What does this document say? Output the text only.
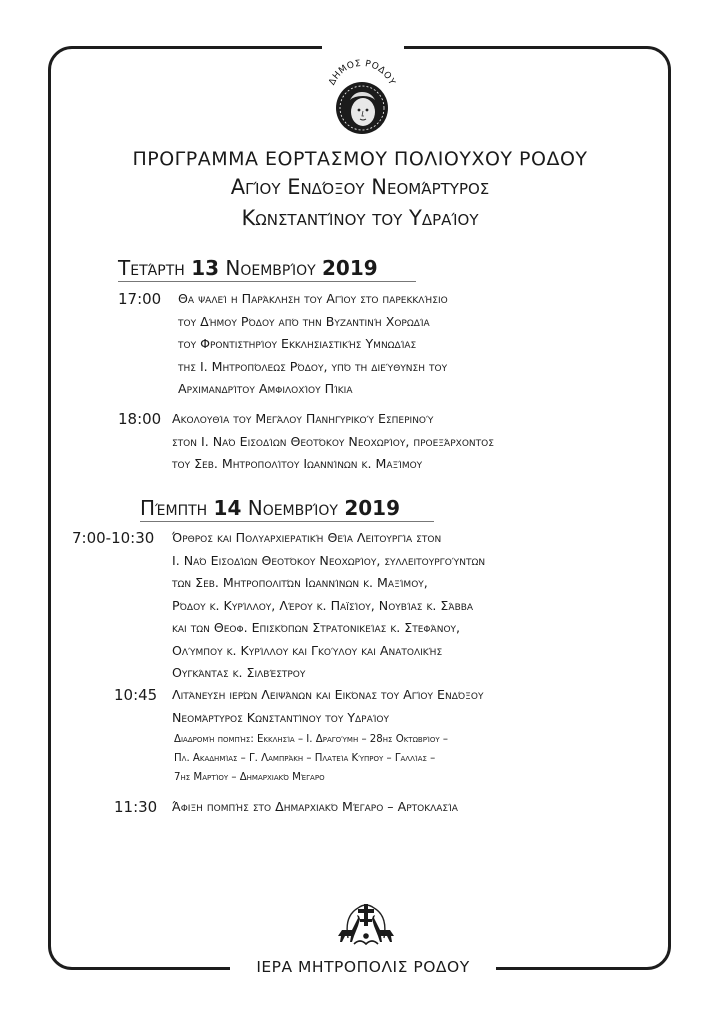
ΔΗΜΟΣ ΡΟΔΟΥ
ΠΡΟΓΡΑΜΜΑ ΕΟΡΤΑΣΜΟΥ ΠΟΛΙΟΥΧΟΥ ΡΟΔΟΥ
Αγίου Ενδόξου Νεομάρτυρος
Κωνσταντίνου του Υδραίου
Τετάρτη 13 Νοεμβρίου 2019
17:00 Θα ψαλεί η Παράκληση του Αγίου στο παρεκκλήσιο
του Δήμου Ρόδου από την Βυζαντινή Χορωδία
του Φροντιστηρίου Εκκλησιαστικής Υμνωδίας
της Ι. Μητροπόλεως Ρόδου, υπό τη διεύθυνση του
Αρχιμανδρίτου Αμφιλοχίου Πίκια
18:00 Ακολουθία του Μεγάλου Πανηγυρικού Εσπερινού
στον Ι. Ναό Εισοδίων Θεοτόκου Νεοχωρίου, προεξάρχοντος
του Σεβ. Μητροπολίτου Ιωαννίνων κ. Μαξίμου
Πέμπτη 14 Νοεμβρίου 2019
7:00-10:30 Όρθρος και Πολυαρχιερατική Θεία Λειτουργία στον
Ι. Ναό Εισοδίων Θεοτόκου Νεοχωρίου, συλλειτουργούντων
των Σεβ. Μητροπολιτών Ιωαννίνων κ. Μαξίμου,
Ρόδου κ. Κυρίλλου, Λέρου κ. Παϊσίου, Νουβίας κ. Σάββα
και των Θεοφ. Επισκόπων Στρατονικείας κ. Στεφάνου,
Ολύμπου κ. Κυρίλλου και Γκούλου και Ανατολικής
Ουγκάντας κ. Σιλβέστρου
10:45 Λιτάνευση ιερών Λειψάνων και Εικόνας του Αγίου Ενδόξου
Νεομάρτυρος Κωνσταντίνου του Υδραίου
Διαδρομή πομπής: Εκκλησία – Ι. Δραγούμη – 28ης Οκτωβρίου –
Πλ. Ακαδημίας – Γ. Λαμπράκη – Πλατεία Κύπρου – Γαλλίας –
7ης Μαρτίου – Δημαρχιακό Μέγαρο
11:30 Άφιξη πομπής στο Δημαρχιακό Μέγαρο – Αρτοκλασία
ΙΕΡΑ ΜΗΤΡΟΠΟΛΙΣ ΡΟΔΟΥ
